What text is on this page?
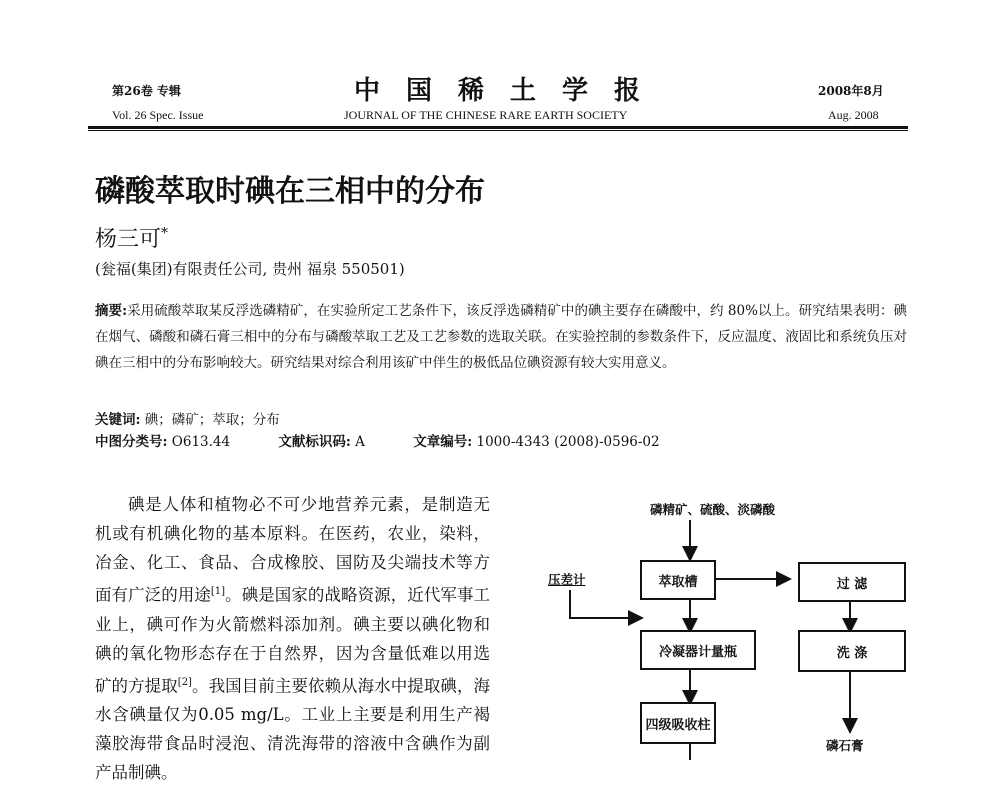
第26卷 专辑	中国稀土学报	2008年8月
Vol. 26 Spec. Issue	JOURNAL OF THE CHINESE RARE EARTH SOCIETY	Aug. 2008
磷酸萃取时碘在三相中的分布
杨三可*
(瓮福(集团)有限责任公司, 贵州 福泉 550501)
摘要:采用硫酸萃取某反浮选磷精矿，在实验所定工艺条件下，该反浮选磷精矿中的碘主要存在磷酸中，约 80%以上。研究结果表明：碘在烟气、磷酸和磷石膏三相中的分布与磷酸萃取工艺及工艺参数的选取关联。在实验控制的参数条件下，反应温度、液固比和系统负压对碘在三相中的分布影响较大。研究结果对综合利用该矿中伴生的极低品位碘资源有较大实用意义。
关键词: 碘；磷矿；萃取；分布
中图分类号: O613.44	文献标识码: A	文章编号: 1000-4343 (2008)-0596-02
碘是人体和植物必不可少地营养元素，是制造无机或有机碘化物的基本原料。在医药，农业，染料，冶金、化工、食品、合成橡胶、国防及尖端技术等方面有广泛的用途[1]。碘是国家的战略资源，近代军事工业上，碘可作为火箭燃料添加剂。碘主要以碘化物和碘的氧化物形态存在于自然界，因为含量低难以用选矿的方提取[2]。我国目前主要依赖从海水中提取碘，海水含碘量仅为0.05 mg/L。工业上主要是利用生产褐藻胶海带食品时浸泡、清洗海带的溶液中含碘作为副产品制碘。
磷精矿、硫酸、淡磷酸
压差计	萃取槽
冷凝器计量瓶
四级吸收柱
过 滤
洗 涤
磷石膏
